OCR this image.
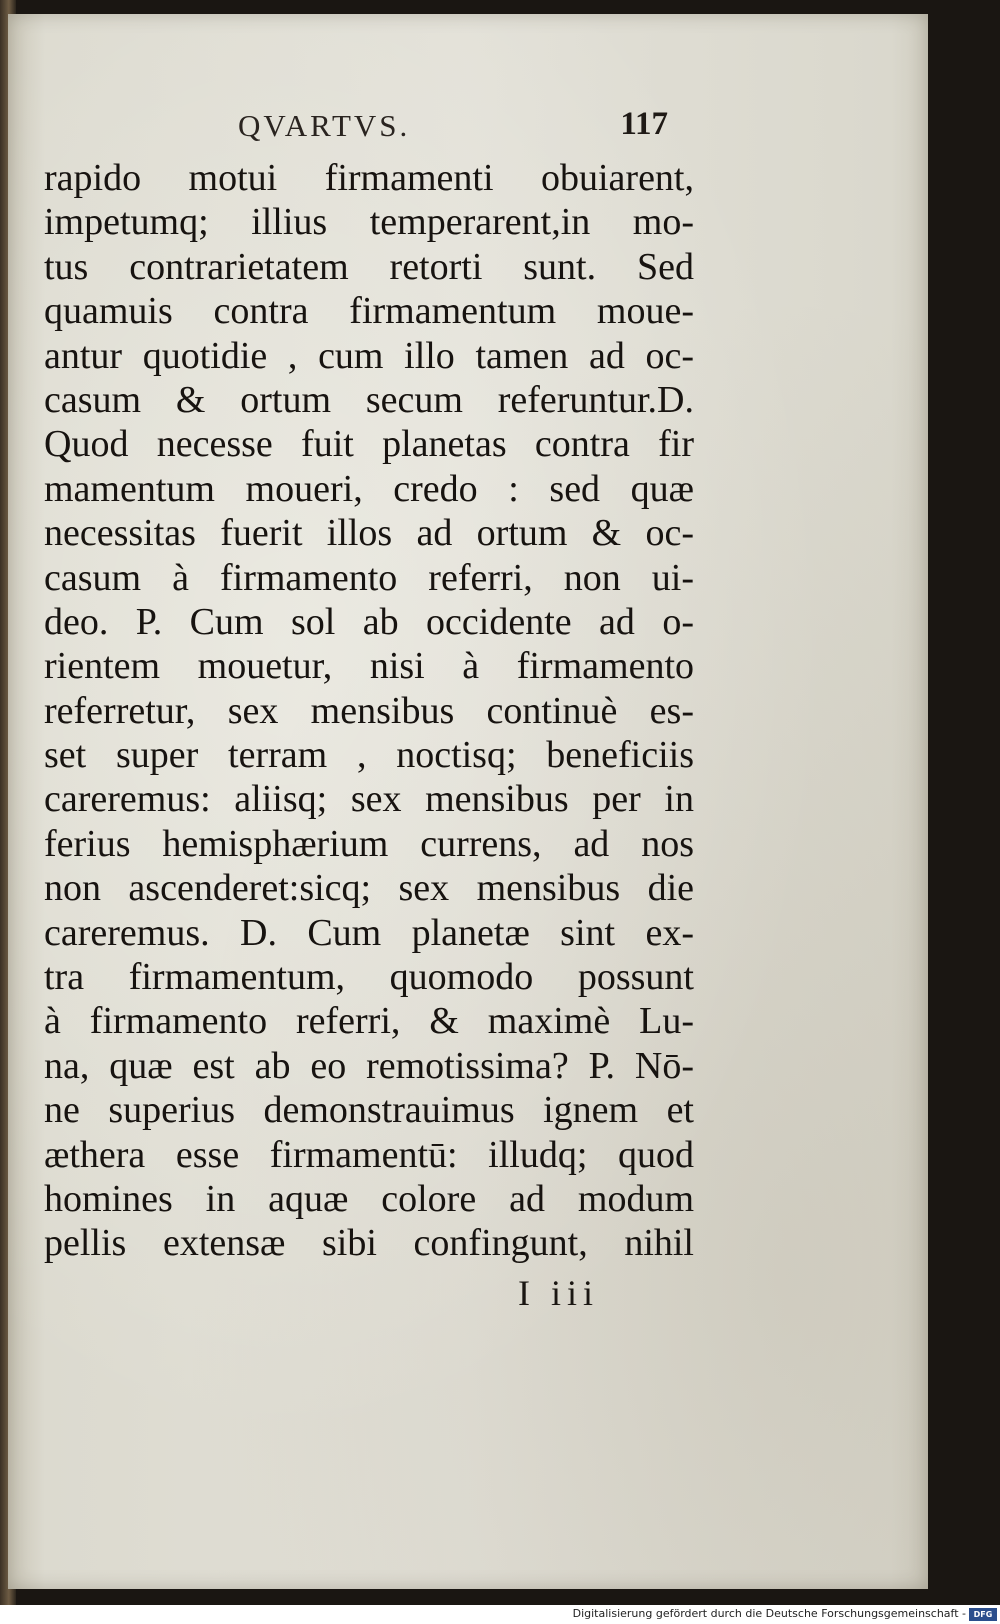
QVARTVS.	117
rapido motui firmamenti obuiarent,
impetumq; illius temperarent,in mo-
tus contrarietatem retorti sunt. Sed
quamuis contra firmamentum moue-
antur quotidie , cum illo tamen ad oc-
casum & ortum secum referuntur.D.
Quod necesse fuit planetas contra fir
mamentum moueri, credo : sed quæ
necessitas fuerit illos ad ortum & oc-
casum à firmamento referri, non ui-
deo. P. Cum sol ab occidente ad o-
rientem mouetur, nisi à firmamento
referretur, sex mensibus continuè es-
set super terram , noctisq; beneficiis
careremus: aliisq; sex mensibus per in
ferius hemisphærium currens, ad nos
non ascenderet:sicq; sex mensibus die
careremus. D. Cum planetæ sint ex-
tra firmamentum, quomodo possunt
à firmamento referri, & maximè Lu-
na, quæ est ab eo remotissima? P. Nō-
ne superius demonstrauimus ignem et
æthera esse firmamentū: illudq; quod
homines in aquæ colore ad modum
pellis extensæ sibi confingunt, nihil
I iii
Digitalisierung gefördert durch die Deutsche Forschungsgemeinschaft - DFG
